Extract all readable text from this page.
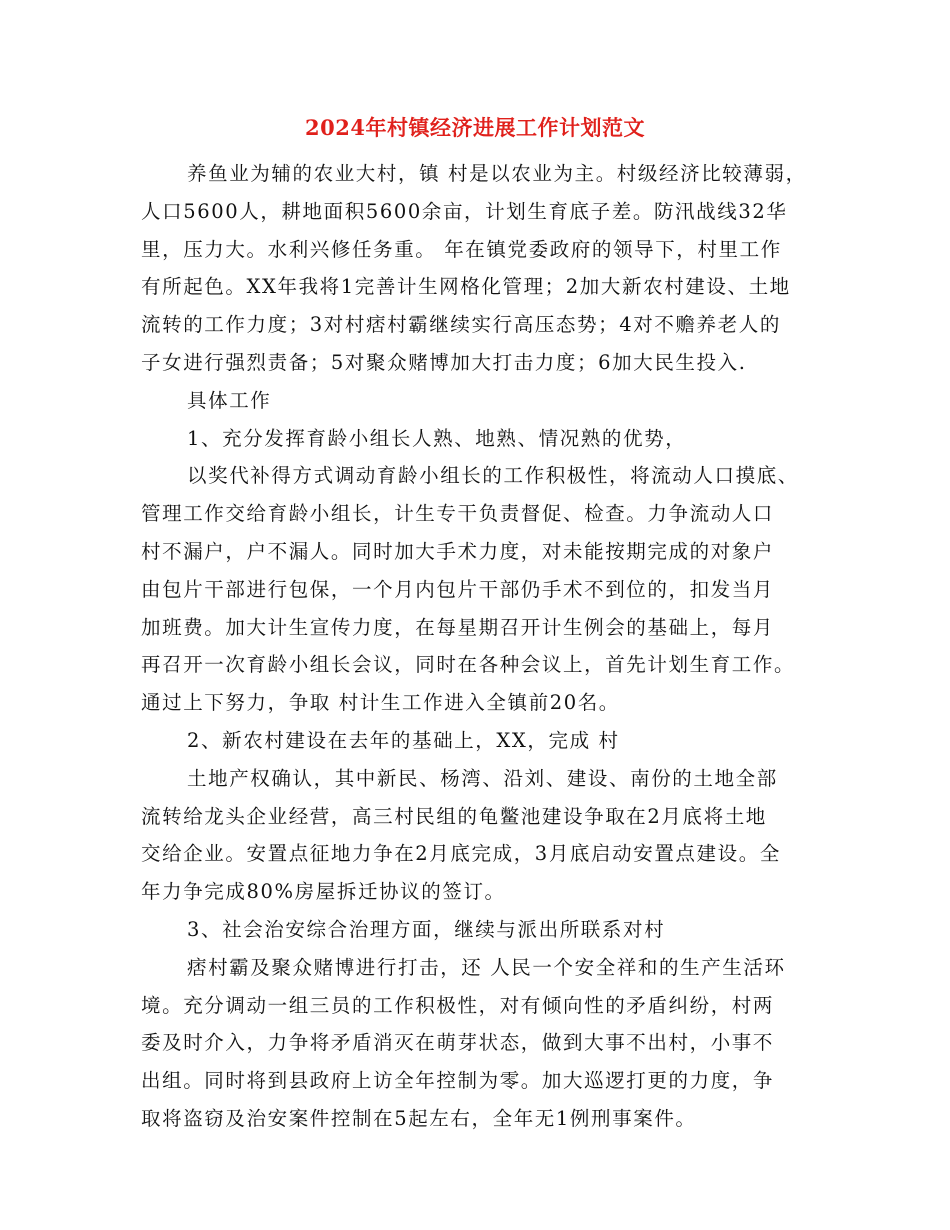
2024年村镇经济进展工作计划范文
养鱼业为辅的农业大村，镇 村是以农业为主。村级经济比较薄弱，
人口5600人，耕地面积5600余亩，计划生育底子差。防汛战线32华
里，压力大。水利兴修任务重。 年在镇党委政府的领导下，村里工作
有所起色。XX年我将1完善计生网格化管理；2加大新农村建设、土地
流转的工作力度；3对村痞村霸继续实行高压态势；4对不赡养老人的
子女进行强烈责备；5对聚众赌博加大打击力度；6加大民生投入.
具体工作
1、充分发挥育龄小组长人熟、地熟、情况熟的优势，
以奖代补得方式调动育龄小组长的工作积极性，将流动人口摸底、
管理工作交给育龄小组长，计生专干负责督促、检查。力争流动人口
村不漏户，户不漏人。同时加大手术力度，对未能按期完成的对象户
由包片干部进行包保，一个月内包片干部仍手术不到位的，扣发当月
加班费。加大计生宣传力度，在每星期召开计生例会的基础上，每月
再召开一次育龄小组长会议，同时在各种会议上，首先计划生育工作。
通过上下努力，争取 村计生工作进入全镇前20名。
2、新农村建设在去年的基础上，XX，完成 村
土地产权确认，其中新民、杨湾、沿刘、建设、南份的土地全部
流转给龙头企业经营，高三村民组的龟鳖池建设争取在2月底将土地
交给企业。安置点征地力争在2月底完成，3月底启动安置点建设。全
年力争完成80%房屋拆迁协议的签订。
3、社会治安综合治理方面，继续与派出所联系对村
痞村霸及聚众赌博进行打击，还 人民一个安全祥和的生产生活环
境。充分调动一组三员的工作积极性，对有倾向性的矛盾纠纷，村两
委及时介入，力争将矛盾消灭在萌芽状态，做到大事不出村，小事不
出组。同时将到县政府上访全年控制为零。加大巡逻打更的力度，争
取将盗窃及治安案件控制在5起左右，全年无1例刑事案件。
